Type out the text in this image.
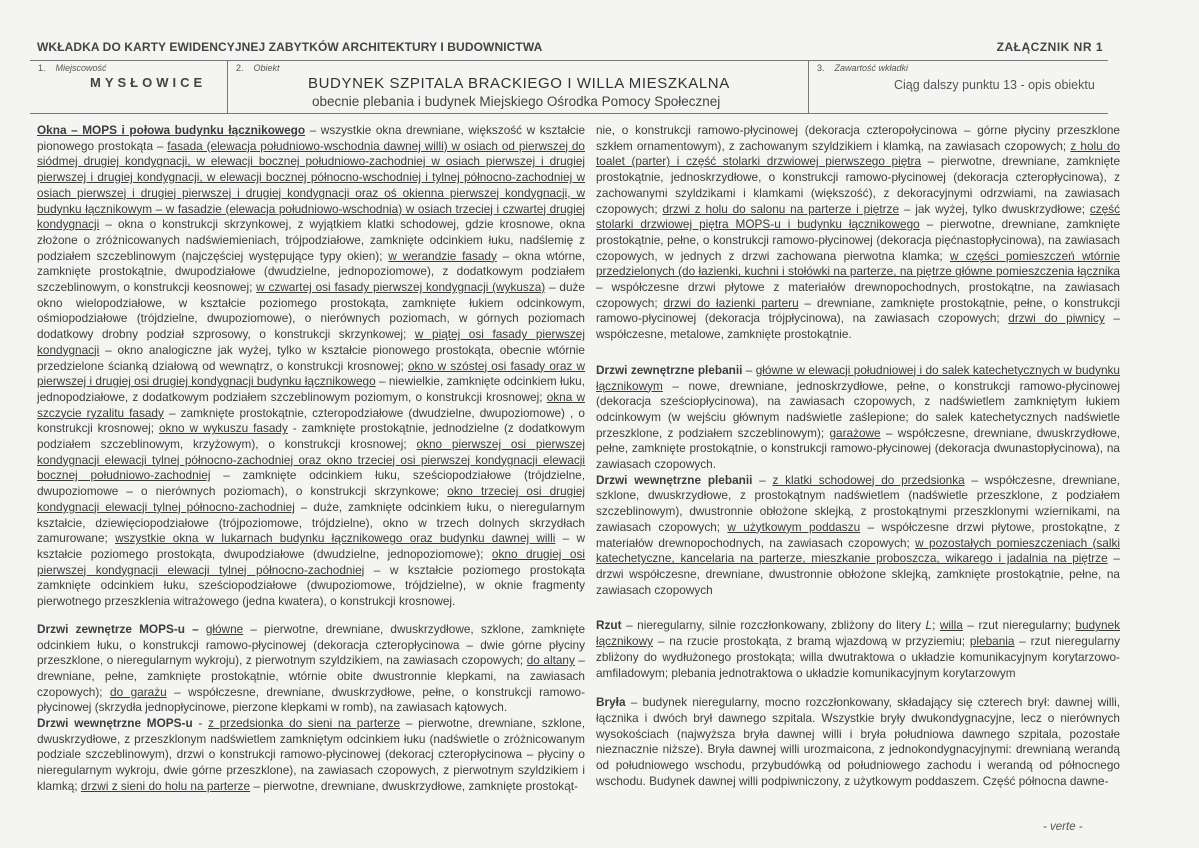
WKŁADKA DO KARTY EWIDENCYJNEJ ZABYTKÓW ARCHITEKTURY I BUDOWNICTWA	ZAŁĄCZNIK NR 1
1. Miejscowość
MYSŁOWICE
2. Obiekt
BUDYNEK SZPITALA BRACKIEGO I WILLA MIESZKALNA
obecnie plebania i budynek Miejskiego Ośrodka Pomocy Społecznej
3. Zawartość wkładki
Ciąg dalszy punktu 13 - opis obiektu

Okna – MOPS i połowa budynku łącznikowego – wszystkie okna drewniane, większość w kształcie pionowego prostokąta – fasada (elewacja południowo-wschodnia dawnej willi) w osiach od pierwszej do siódmej drugiej kondygnacji, w elewacji bocznej południowo-zachodniej w osiach pierwszej i drugiej pierwszej i drugiej kondygnacji, w elewacji bocznej północno-wschodniej i tylnej północno-zachodniej w osiach pierwszej i drugiej pierwszej i drugiej kondygnacji oraz oś okienna pierwszej kondygnacji, w budynku łącznikowym – w fasadzie (elewacja południowo-wschodnia) w osiach trzeciej i czwartej drugiej kondygnacji – okna o konstrukcji skrzynkowej, z wyjątkiem klatki schodowej, gdzie krosnowe, okna złożone o zróżnicowanych nadświemieniach, trójpodziałowe, zamknięte odcinkiem łuku, nadślemię z podziałem szczeblinowym (najczęściej występujące typy okien); w werandzie fasady – okna wtórne, zamknięte prostokątnie, dwupodziałowe (dwudzielne, jednopoziomowe), z dodatkowym podziałem szczeblinowym, o konstrukcji keosnowej; w czwartej osi fasady pierwszej kondygnacji (wykusza) – duże okno wielopodziałowe, w kształcie poziomego prostokąta, zamknięte łukiem odcinkowym, ośmiopodziałowe (trójdzielne, dwupoziomowe), o nierównych poziomach, w górnych poziomach dodatkowy drobny podział szprosowy, o konstrukcji skrzynkowej; w piątej osi fasady pierwszej kondygnacji – okno analogiczne jak wyżej, tylko w kształcie pionowego prostokąta, obecnie wtórnie przedzielone ścianką działową od wewnątrz, o konstrukcji krosnowej; okno w szóstej osi fasady oraz w pierwszej i drugiej osi drugiej kondygnacji budynku łącznikowego – niewielkie, zamknięte odcinkiem łuku, jednopodziałowe, z dodatkowym podziałem szczeblinowym poziomym, o konstrukcji krosnowej; okna w szczycie ryzalitu fasady – zamknięte prostokątnie, czteropodziałowe (dwudzielne, dwupoziomowe) , o konstrukcji krosnowej; okno w wykuszu fasady - zamknięte prostokątnie, jednodzielne (z dodatkowym podziałem szczeblinowym, krzyżowym), o konstrukcji krosnowej; okno pierwszej osi pierwszej kondygnacji elewacji tylnej północno-zachodniej oraz okno trzeciej osi pierwszej kondygnacji elewacji bocznej południowo-zachodniej – zamknięte odcinkiem łuku, sześciopodziałowe (trójdzielne, dwupoziomowe – o nierównych poziomach), o konstrukcji skrzynkowe; okno trzeciej osi drugiej kondygnacji elewacji tylnej północno-zachodniej – duże, zamknięte odcinkiem łuku, o nieregularnym kształcie, dziewięciopodziałowe (trójpoziomowe, trójdzielne), okno w trzech dolnych skrzydłach zamurowane; wszystkie okna w lukarnach budynku łącznikowego oraz budynku dawnej willi – w kształcie poziomego prostokąta, dwupodziałowe (dwudzielne, jednopoziomowe); okno drugiej osi pierwszej kondygnacji elewacji tylnej północno-zachodniej – w kształcie poziomego prostokąta zamknięte odcinkiem łuku, sześciopodziałowe (dwupoziomowe, trójdzielne), w oknie fragmenty pierwotnego przeszklenia witrażowego (jedna kwatera), o konstrukcji krosnowej.

Drzwi zewnętrze MOPS-u – główne – pierwotne, drewniane, dwuskrzydłowe, szklone, zamknięte odcinkiem łuku, o konstrukcji ramowo-płycinowej (dekoracja czteropłycinowa – dwie górne płyciny przeszklone, o nieregularnym wykroju), z pierwotnym szyldzikiem, na zawiasach czopowych; do altany – drewniane, pełne, zamknięte prostokątnie, wtórnie obite dwustronnie klepkami, na zawiasach czopowych); do garażu – współczesne, drewniane, dwuskrzydłowe, pełne, o konstrukcji ramowo-płycinowej (skrzydła jednopłycinowe, pierzone klepkami w romb), na zawiasach kątowych.

Drzwi wewnętrzne MOPS-u - z przedsionka do sieni na parterze – pierwotne, drewniane, szklone, dwuskrzydłowe, z przeszklonym nadświetlem zamkniętym odcinkiem łuku (nadświetle o zróżnicowanym podziale szczeblinowym), drzwi o konstrukcji ramowo-płycinowej (dekoracj czteropłycinowa – płyciny o nieregularnym wykroju, dwie górne przeszklone), na zawiasach czopowych, z pierwotnym szyldzikiem i klamką; drzwi z sieni do holu na parterze – pierwotne, drewniane, dwuskrzydłowe, zamknięte prostokąt-

nie, o konstrukcji ramowo-płycinowej (dekoracja czteropołycinowa – górne płyciny przeszklone szkłem ornamentowym), z zachowanym szyldzikiem i klamką, na zawiasach czopowych; z holu do toalet (parter) i część stolarki drzwiowej pierwszego piętra – pierwotne, drewniane, zamknięte prostokątnie, jednoskrzydłowe, o konstrukcji ramowo-płycinowej (dekoracja czteropłycinowa), z zachowanymi szyldzikami i klamkami (większość), z dekoracyjnymi odrzwiami, na zawiasach czopowych; drzwi z holu do salonu na parterze i piętrze – jak wyżej, tylko dwuskrzydłowe; część stolarki drzwiowej piętra MOPS-u i budynku łącznikowego – pierwotne, drewniane, zamknięte prostokątnie, pełne, o konstrukcji ramowo-płycinowej (dekoracja pięćnastopłycinowa), na zawiasach czopowych, w jednych z drzwi zachowana pierwotna klamka; w części pomieszczeń wtórnie przedzielonych (do łazienki, kuchni i stołówki na parterze, na piętrze główne pomieszczenia łącznika – współczesne drzwi płytowe z materiałów drewnopochodnych, prostokątne, na zawiasach czopowych; drzwi do łazienki parteru – drewniane, zamknięte prostokątnie, pełne, o konstrukcji ramowo-płycinowej (dekoracja trójpłycinowa), na zawiasach czopowych; drzwi do piwnicy – współczesne, metalowe, zamknięte prostokątnie.

Drzwi zewnętrzne plebanii – główne w elewacji południowej i do salek katechetycznych w budynku łącznikowym – nowe, drewniane, jednoskrzydłowe, pełne, o konstrukcji ramowo-płycinowej (dekoracja sześciopłycinowa), na zawiasach czopowych, z nadświetlem zamkniętym łukiem odcinkowym (w wejściu głównym nadświetle zaślepione; do salek katechetycznych nadświetle przeszklone, z podziałem szczeblinowym); garażowe – współczesne, drewniane, dwuskrzydłowe, pełne, zamknięte prostokątnie, o konstrukcji ramowo-płycinowej (dekoracja dwunastopłycinowa), na zawiasach czopowych.

Drzwi wewnętrzne plebanii – z klatki schodowej do przedsionka – współczesne, drewniane, szklone, dwuskrzydłowe, z prostokątnym nadświetlem (nadświetle przeszklone, z podziałem szczeblinowym), dwustronnie obłożone sklejką, z prostokątnymi przeszklonymi wziernikami, na zawiasach czopowych; w użytkowym poddaszu – współczesne drzwi płytowe, prostokątne, z materiałów drewnopochodnych, na zawiasach czopowych; w pozostałych pomieszczeniach (salki katechetyczne, kancelaria na parterze, mieszkanie proboszcza, wikarego i jadalnia na piętrze – drzwi współczesne, drewniane, dwustronnie obłożone sklejką, zamknięte prostokątnie, pełne, na zawiasach czopowych

Rzut – nieregularny, silnie rozczłonkowany, zbliżony do litery L; willa – rzut nieregularny; budynek łącznikowy – na rzucie prostokąta, z bramą wjazdową w przyziemiu; plebania – rzut nieregularny zbliżony do wydłużonego prostokąta; willa dwutraktowa o układzie komunikacyjnym korytarzowo-amfiladowym; plebania jednotraktowa o układzie komunikacyjnym korytarzowym

Bryła – budynek nieregularny, mocno rozczłonkowany, składający się czterech brył: dawnej willi, łącznika i dwóch brył dawnego szpitala. Wszystkie bryły dwukondygnacyjne, lecz o nierównych wysokościach (najwyższa bryła dawnej willi i bryła południowa dawnego szpitala, pozostałe nieznacznie niższe). Bryła dawnej willi urozmaicona, z jednokondygnacyjnymi: drewnianą werandą od południowego wschodu, przybudówką od południowego zachodu i werandą od północnego wschodu. Budynek dawnej willi podpiwniczony, z użytkowym poddaszem. Część północna dawne-

- verte -
